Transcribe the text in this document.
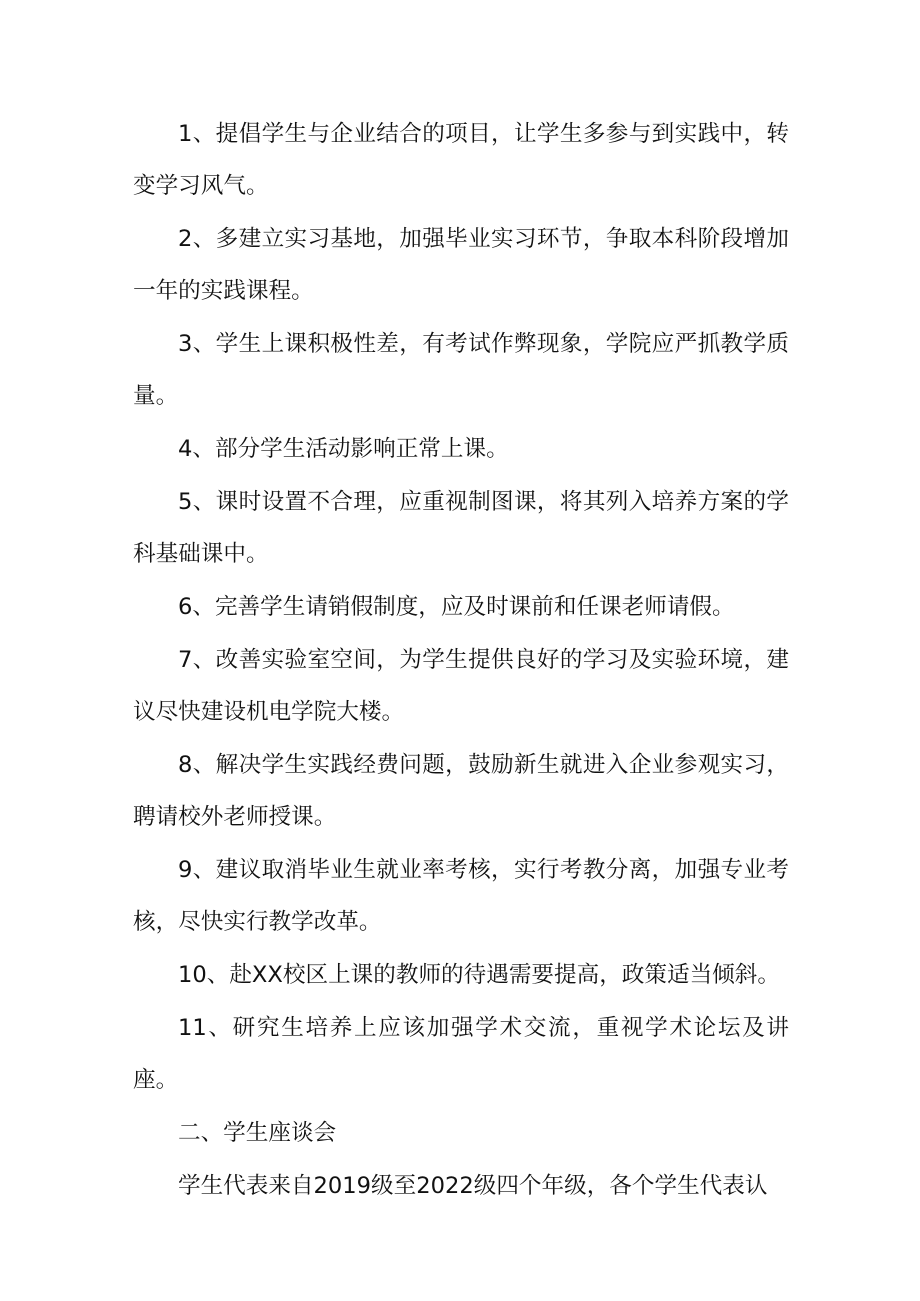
1、提倡学生与企业结合的项目，让学生多参与到实践中，转变学习风气。

2、多建立实习基地，加强毕业实习环节，争取本科阶段增加一年的实践课程。

3、学生上课积极性差，有考试作弊现象，学院应严抓教学质量。

4、部分学生活动影响正常上课。

5、课时设置不合理，应重视制图课，将其列入培养方案的学科基础课中。

6、完善学生请销假制度，应及时课前和任课老师请假。

7、改善实验室空间，为学生提供良好的学习及实验环境，建议尽快建设机电学院大楼。

8、解决学生实践经费问题，鼓励新生就进入企业参观实习，聘请校外老师授课。

9、建议取消毕业生就业率考核，实行考教分离，加强专业考核，尽快实行教学改革。

10、赴XX校区上课的教师的待遇需要提高，政策适当倾斜。

11、研究生培养上应该加强学术交流，重视学术论坛及讲座。

二、学生座谈会

学生代表来自2019级至2022级四个年级，各个学生代表认
